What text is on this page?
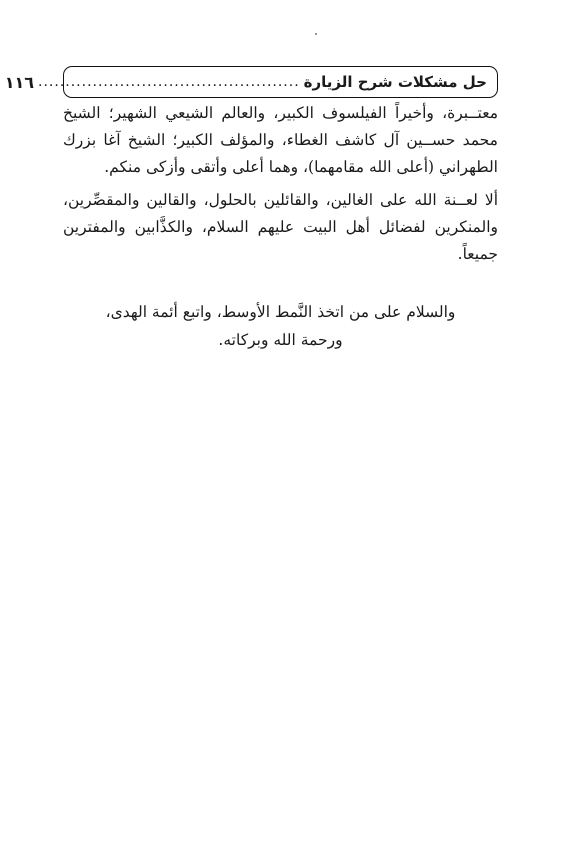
حل مشكلات شرح الزيارة
................................................
١١٦

معتــبرة، وأخيراً الفيلسوف الكبير، والعالم الشيعي الشهير؛ الشيخ محمد حســين آل كاشف الغطاء، والمؤلف الكبير؛ الشيخ آغا بزرك الطهراني (أعلى الله مقامهما)، وهما أعلى وأتقى وأزكى منكم.

ألا لعــنة الله على الغالين، والقائلين بالحلول، والقالين والمقصِّرين، والمنكرين لفضائل أهل البيت عليهم السلام، والكذَّابين والمفترين جميعاً.

والسلام على من اتخذ النَّمط الأوسط، واتبع أئمة الهدى،
ورحمة الله وبركاته.
